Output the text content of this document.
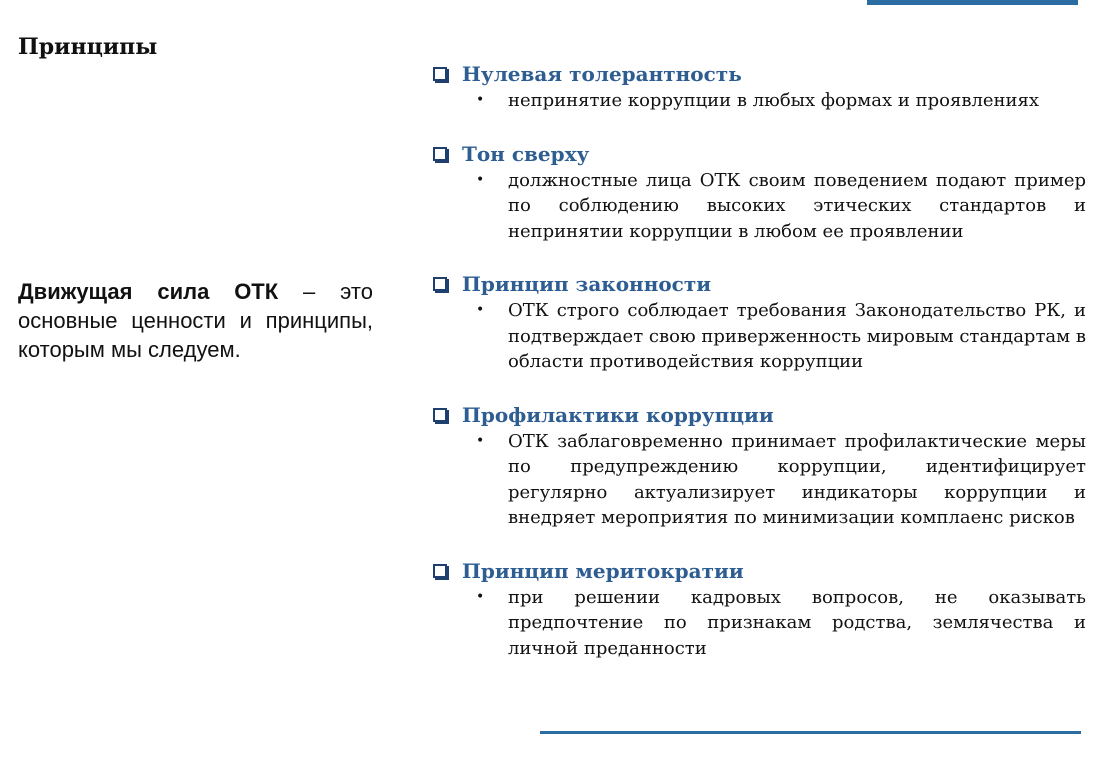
Принципы

Движущая сила ОТК – это основные ценности и принципы, которым мы следуем.

Нулевая толерантность
•	непринятие коррупции в любых формах и проявлениях
Тон сверху
•	должностные лица ОТК своим поведением подают пример по соблюдению высоких этических стандартов и непринятии коррупции в любом ее проявлении
Принцип законности
•	ОТК строго соблюдает требования Законодательство РК, и подтверждает свою приверженность мировым стандартам в области противодействия коррупции
Профилактики коррупции
•	ОТК заблаговременно принимает профилактические меры по предупреждению коррупции, идентифицирует регулярно актуализирует индикаторы коррупции и внедряет мероприятия по минимизации комплаенс рисков
Принцип меритократии
•	при решении кадровых вопросов, не оказывать предпочтение по признакам родства, землячества и личной преданности
